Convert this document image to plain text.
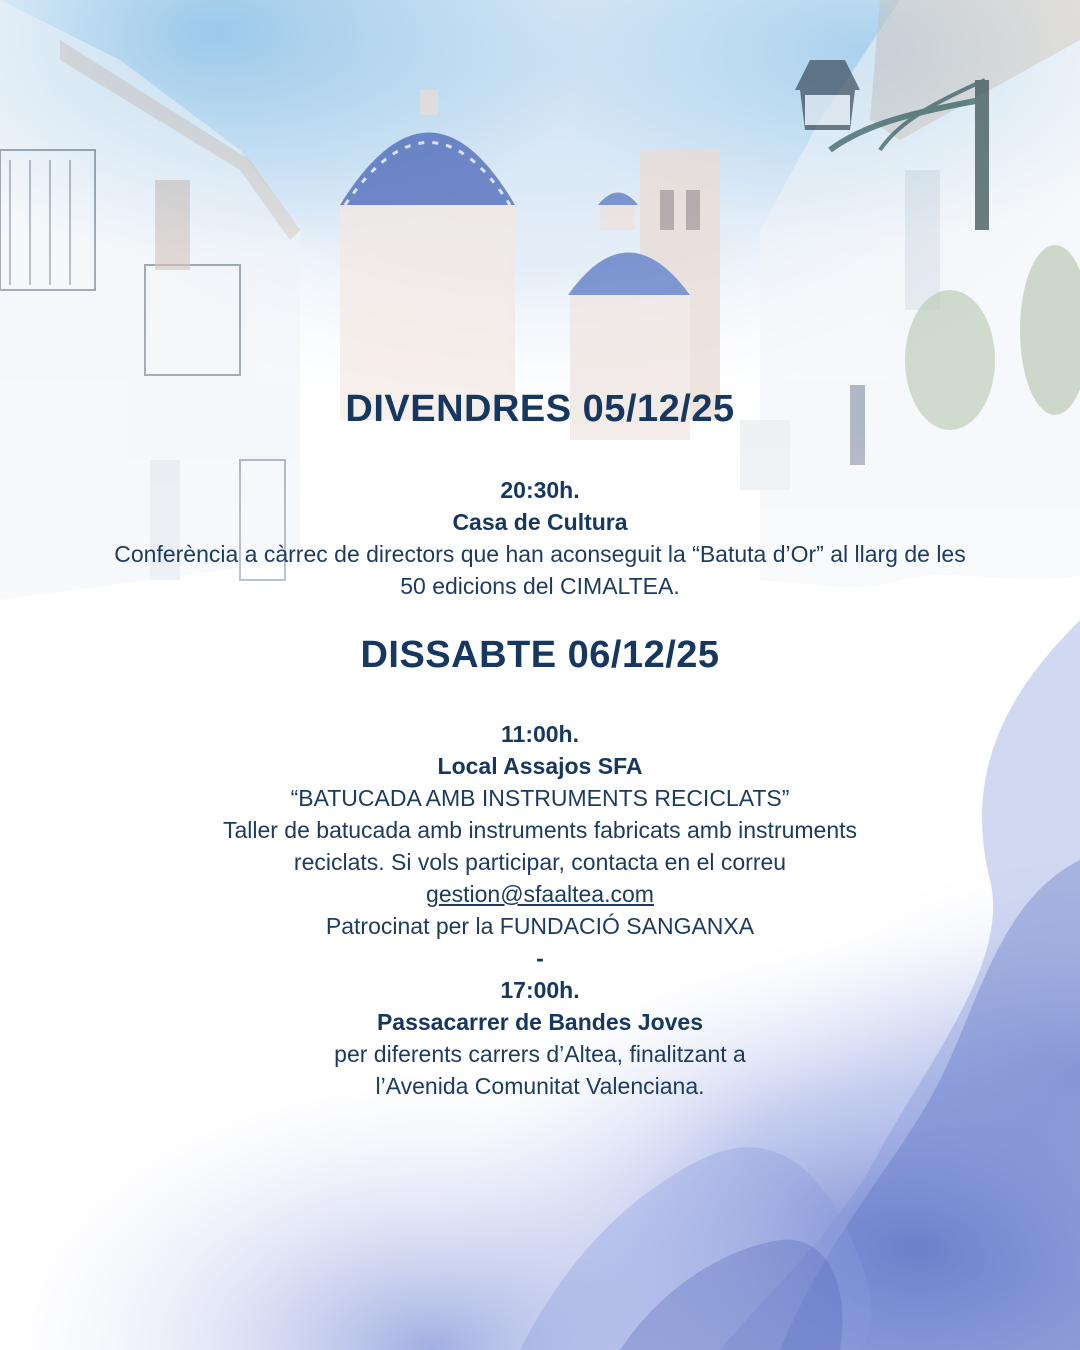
DIVENDRES 05/12/25
20:30h.
Casa de Cultura
Conferència a càrrec de directors que han aconseguit la “Batuta d’Or” al llarg de les 50 edicions del CIMALTEA.
DISSABTE 06/12/25
11:00h.
Local Assajos SFA
“BATUCADA AMB INSTRUMENTS RECICLATS”
Taller de batucada amb instruments fabricats amb instruments
reciclats. Si vols participar, contacta en el correu
gestion@sfaaltea.com
Patrocinat per la FUNDACIÓ SANGANXA
-
17:00h.
Passacarrer de Bandes Joves
per diferents carrers d’Altea, finalitzant a
l’Avenida Comunitat Valenciana.
